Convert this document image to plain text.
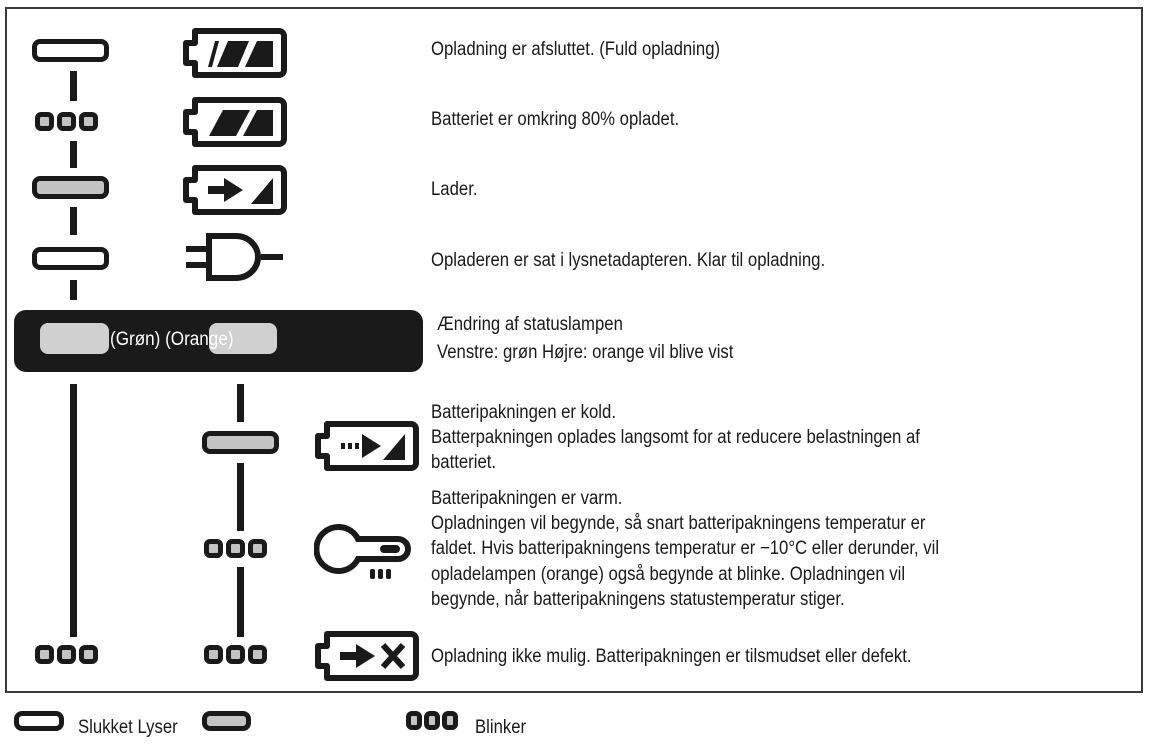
Opladning er afsluttet. (Fuld opladning)
Batteriet er omkring 80% opladet.
Lader.
Opladeren er sat i lysnetadapteren. Klar til opladning.
(Grøn) (Orange)
Ændring af statuslampen
Venstre: grøn Højre: orange vil blive vist
Batteripakningen er kold.
Batterpakningen oplades langsomt for at reducere belastningen af
batteriet.
Batteripakningen er varm.
Opladningen vil begynde, så snart batteripakningens temperatur er
faldet. Hvis batteripakningens temperatur er −10°C eller derunder, vil
opladelampen (orange) også begynde at blinke. Opladningen vil
begynde, når batteripakningens statustemperatur stiger.
Opladning ikke mulig. Batteripakningen er tilsmudset eller defekt.
Slukket Lyser	Blinker
